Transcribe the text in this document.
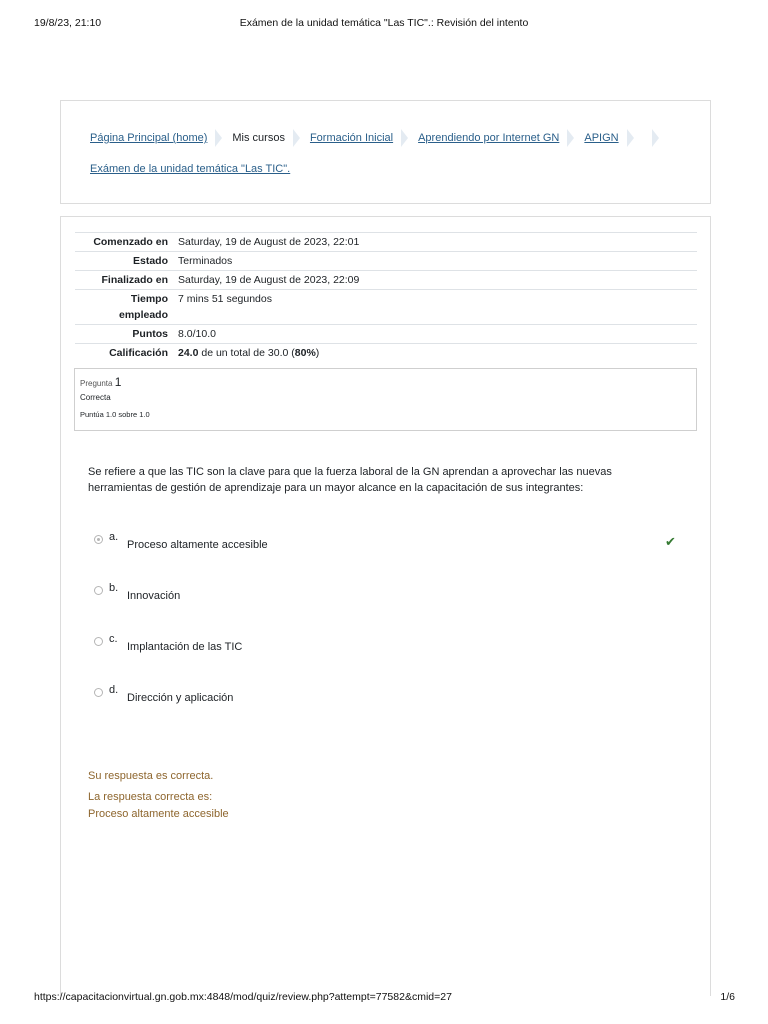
19/8/23, 21:10	Exámen de la unidad temática "Las TIC".: Revisión del intento
Página Principal (home) Mis cursos Formación Inicial Aprendiendo por Internet GN APIGN
Exámen de la unidad temática "Las TIC".
Comenzado en	Saturday, 19 de August de 2023, 22:01
Estado	Terminados
Finalizado en	Saturday, 19 de August de 2023, 22:09
Tiempo
empleado	7 mins 51 segundos
Puntos	8.0/10.0
Calificación	24.0 de un total de 30.0 (80%)
Pregunta 1
Correcta
Puntúa 1.0 sobre 1.0
Se refiere a que las TIC son la clave para que la fuerza laboral de la GN aprendan a aprovechar las nuevas herramientas de gestión de aprendizaje para un mayor alcance en la capacitación de sus integrantes:
a.
Proceso altamente accesible	✔
b.
Innovación
c.
Implantación de las TIC
d.
Dirección y aplicación
Su respuesta es correcta.
La respuesta correcta es:
Proceso altamente accesible
https://capacitacionvirtual.gn.gob.mx:4848/mod/quiz/review.php?attempt=77582&cmid=27	1/6
